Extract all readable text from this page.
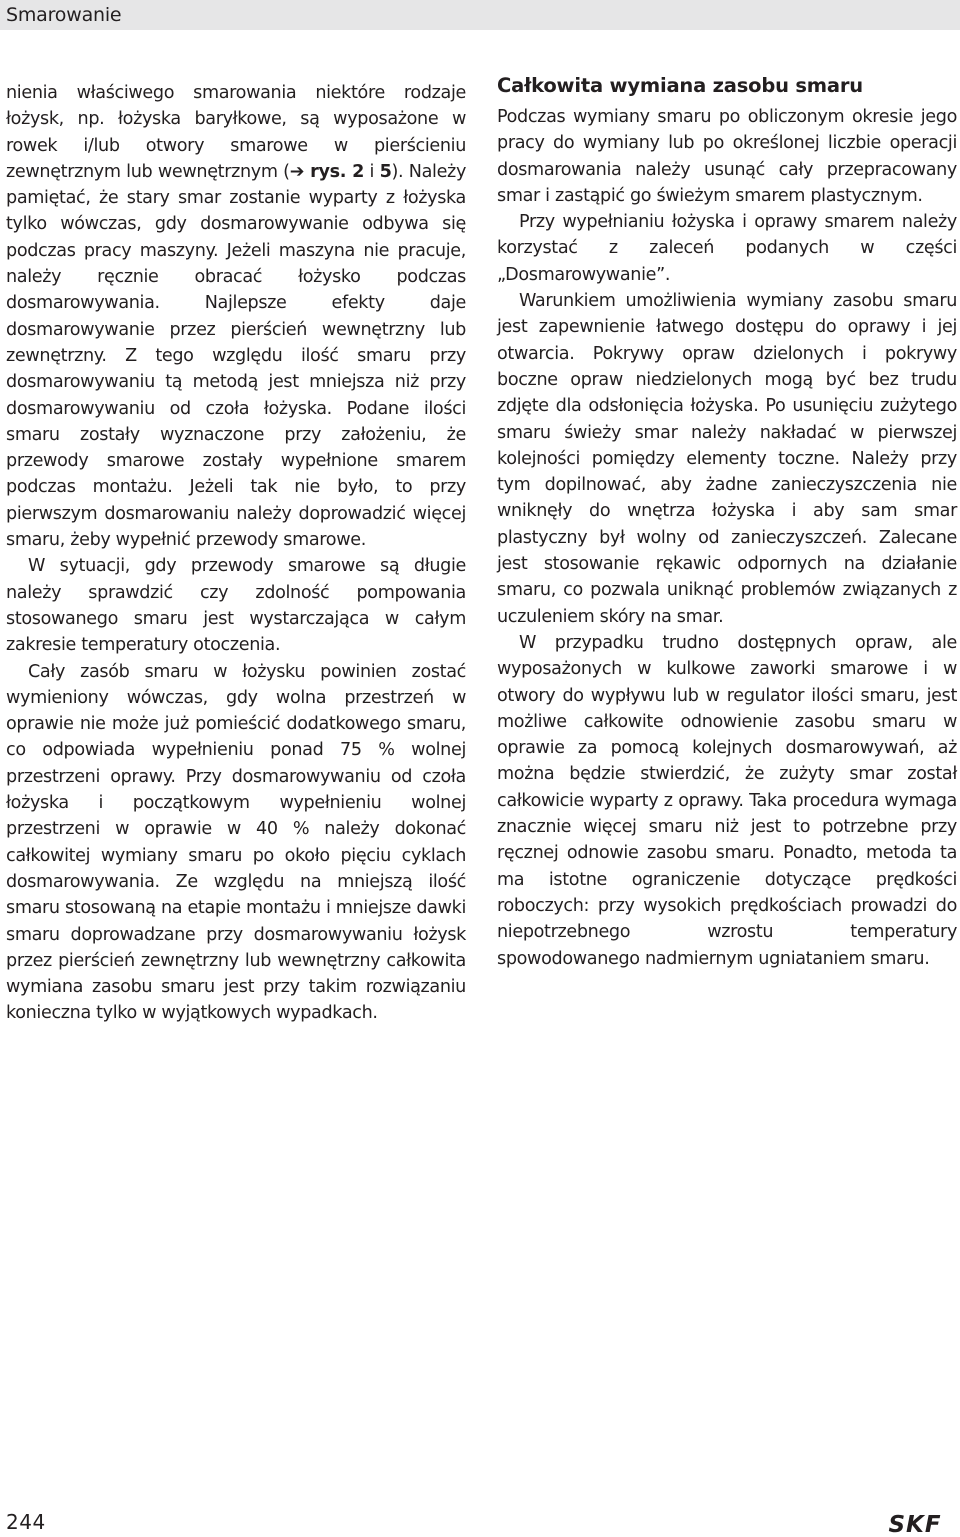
Smarowanie

nienia właściwego smarowania niektóre rodzaje łożysk, np. łożyska baryłkowe, są wyposażone w rowek i/lub otwory smarowe w pierścieniu zewnętrznym lub wewnętrznym (➔ rys. 2 i 5). Należy pamiętać, że stary smar zostanie wyparty z łożyska tylko wówczas, gdy dosmarowywanie odbywa się podczas pracy maszyny. Jeżeli maszyna nie pracuje, należy ręcznie obracać łożysko podczas dosmarowywania. Najlepsze efekty daje dosmarowywanie przez pierścień wewnętrzny lub zewnętrzny. Z tego względu ilość smaru przy dosmarowywaniu tą metodą jest mniejsza niż przy dosmarowywaniu od czoła łożyska. Podane ilości smaru zostały wyznaczone przy założeniu, że przewody smarowe zostały wypełnione smarem podczas montażu. Jeżeli tak nie było, to przy pierwszym dosmarowaniu należy doprowadzić więcej smaru, żeby wypełnić przewody smarowe.

W sytuacji, gdy przewody smarowe są długie należy sprawdzić czy zdolność pompowania stosowanego smaru jest wystarczająca w całym zakresie temperatury otoczenia.

Cały zasób smaru w łożysku powinien zostać wymieniony wówczas, gdy wolna przestrzeń w oprawie nie może już pomieścić dodatkowego smaru, co odpowiada wypełnieniu ponad 75 % wolnej przestrzeni oprawy. Przy dosmarowywaniu od czoła łożyska i początkowym wypełnieniu wolnej przestrzeni w oprawie w 40 % należy dokonać całkowitej wymiany smaru po około pięciu cyklach dosmarowywania. Ze względu na mniejszą ilość smaru stosowaną na etapie montażu i mniejsze dawki smaru doprowadzane przy dosmarowywaniu łożysk przez pierścień zewnętrzny lub wewnętrzny całkowita wymiana zasobu smaru jest przy takim rozwiązaniu konieczna tylko w wyjątkowych wypadkach.

Całkowita wymiana zasobu smaru

Podczas wymiany smaru po obliczonym okresie jego pracy do wymiany lub po określonej liczbie operacji dosmarowania należy usunąć cały przepracowany smar i zastąpić go świeżym smarem plastycznym.

Przy wypełnianiu łożyska i oprawy smarem należy korzystać z zaleceń podanych w części „Dosmarowywanie”.

Warunkiem umożliwienia wymiany zasobu smaru jest zapewnienie łatwego dostępu do oprawy i jej otwarcia. Pokrywy opraw dzielonych i pokrywy boczne opraw niedzielonych mogą być bez trudu zdjęte dla odsłonięcia łożyska. Po usunięciu zużytego smaru świeży smar należy nakładać w pierwszej kolejności pomiędzy elementy toczne. Należy przy tym dopilnować, aby żadne zanieczyszczenia nie wniknęły do wnętrza łożyska i aby sam smar plastyczny był wolny od zanieczyszczeń. Zalecane jest stosowanie rękawic odpornych na działanie smaru, co pozwala uniknąć problemów związanych z uczuleniem skóry na smar.

W przypadku trudno dostępnych opraw, ale wyposażonych w kulkowe zaworki smarowe i w otwory do wypływu lub w regulator ilości smaru, jest możliwe całkowite odnowienie zasobu smaru w oprawie za pomocą kolejnych dosmarowywań, aż można będzie stwierdzić, że zużyty smar został całkowicie wyparty z oprawy. Taka procedura wymaga znacznie więcej smaru niż jest to potrzebne przy ręcznej odnowie zasobu smaru. Ponadto, metoda ta ma istotne ograniczenie dotyczące prędkości roboczych: przy wysokich prędkościach prowadzi do niepotrzebnego wzrostu temperatury spowodowanego nadmiernym ugniataniem smaru.

244	SKF
